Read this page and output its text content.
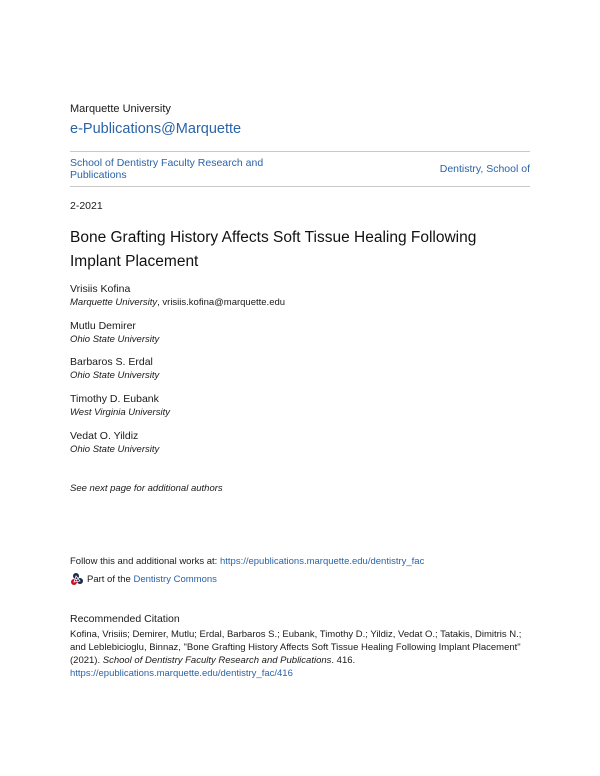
Marquette University
e-Publications@Marquette
School of Dentistry Faculty Research and Publications	Dentistry, School of
2-2021
Bone Grafting History Affects Soft Tissue Healing Following Implant Placement
Vrisiis Kofina
Marquette University, vrisiis.kofina@marquette.edu
Mutlu Demirer
Ohio State University
Barbaros S. Erdal
Ohio State University
Timothy D. Eubank
West Virginia University
Vedat O. Yildiz
Ohio State University
See next page for additional authors
Follow this and additional works at: https://epublications.marquette.edu/dentistry_fac
Part of the
Dentistry Commons
Recommended Citation
Kofina, Vrisiis; Demirer, Mutlu; Erdal, Barbaros S.; Eubank, Timothy D.; Yildiz, Vedat O.; Tatakis, Dimitris N.; and Leblebicioglu, Binnaz, "Bone Grafting History Affects Soft Tissue Healing Following Implant Placement" (2021). School of Dentistry Faculty Research and Publications. 416.
https://epublications.marquette.edu/dentistry_fac/416
